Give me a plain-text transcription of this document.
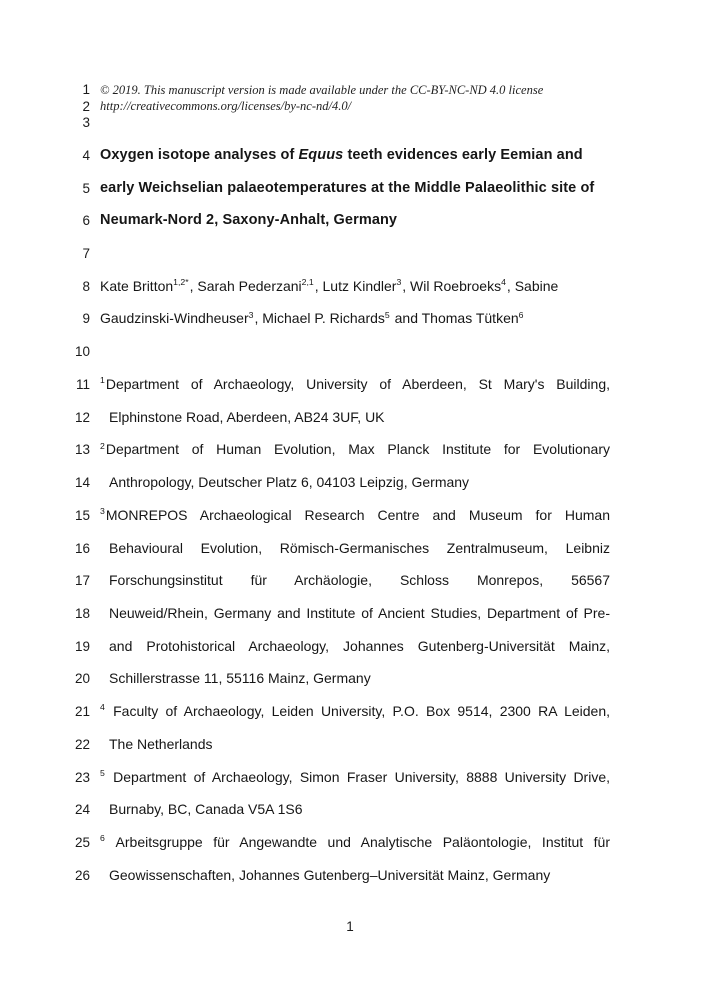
1 © 2019. This manuscript version is made available under the CC-BY-NC-ND 4.0 license
2 http://creativecommons.org/licenses/by-nc-nd/4.0/
3
4 Oxygen isotope analyses of Equus teeth evidences early Eemian and
5 early Weichselian palaeotemperatures at the Middle Palaeolithic site of
6 Neumark-Nord 2, Saxony-Anhalt, Germany
7
8 Kate Britton$^{1,2*}$, Sarah Pederzani$^{2,1}$, Lutz Kindler$^3$, Wil Roebroeks$^4$, Sabine
9 Gaudzinski-Windheuser$^3$, Michael P. Richards$^5$ and Thomas Tütken$^6$
10
11 $^1$Department of Archaeology, University of Aberdeen, St Mary's Building,
12	Elphinstone Road, Aberdeen, AB24 3UF, UK
13 $^2$Department of Human Evolution, Max Planck Institute for Evolutionary
14	Anthropology, Deutscher Platz 6, 04103 Leipzig, Germany
15 $^3$MONREPOS Archaeological Research Centre and Museum for Human
16	Behavioural Evolution, Römisch-Germanisches Zentralmuseum, Leibniz
17	Forschungsinstitut für Archäologie, Schloss Monrepos, 56567
18	Neuweid/Rhein, Germany and Institute of Ancient Studies, Department of Pre-
19	and Protohistorical Archaeology, Johannes Gutenberg-Universität Mainz,
20	Schillerstrasse 11, 55116 Mainz, Germany
21 $^4$ Faculty of Archaeology, Leiden University, P.O. Box 9514, 2300 RA Leiden,
22	The Netherlands
23 $^5$ Department of Archaeology, Simon Fraser University, 8888 University Drive,
24	Burnaby, BC, Canada V5A 1S6
25 $^6$ Arbeitsgruppe für Angewandte und Analytische Paläontologie, Institut für
26	Geowissenschaften, Johannes Gutenberg–Universität Mainz, Germany
1
